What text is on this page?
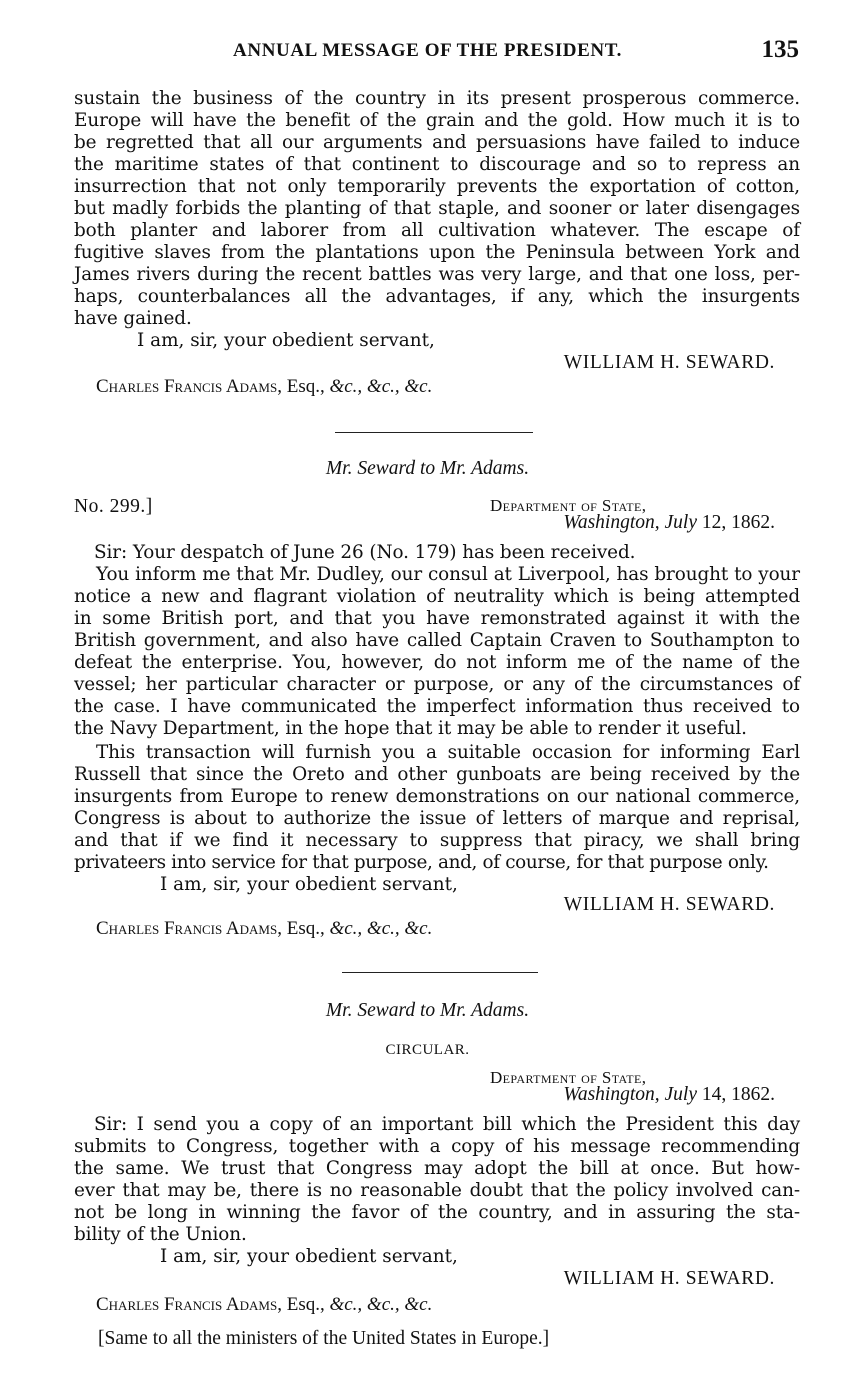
ANNUAL MESSAGE OF THE PRESIDENT.	135
sustain the business of the country in its present prosperous commerce.
Europe will have the benefit of the grain and the gold. How much it is to
be regretted that all our arguments and persuasions have failed to induce
the maritime states of that continent to discourage and so to repress an
insurrection that not only temporarily prevents the exportation of cotton,
but madly forbids the planting of that staple, and sooner or later disengages
both planter and laborer from all cultivation whatever. The escape of
fugitive slaves from the plantations upon the Peninsula between York and
James rivers during the recent battles was very large, and that one loss, per-
haps, counterbalances all the advantages, if any, which the insurgents
have gained.
I am, sir, your obedient servant,
WILLIAM H. SEWARD.
Charles Francis Adams, Esq., &c., &c., &c.
Mr. Seward to Mr. Adams.
No. 299.]	Department of State,
Washington, July 12, 1862.
Sir: Your despatch of June 26 (No. 179) has been received.
You inform me that Mr. Dudley, our consul at Liverpool, has brought to your
notice a new and flagrant violation of neutrality which is being attempted
in some British port, and that you have remonstrated against it with the
British government, and also have called Captain Craven to Southampton to
defeat the enterprise. You, however, do not inform me of the name of the
vessel; her particular character or purpose, or any of the circumstances of
the case. I have communicated the imperfect information thus received to
the Navy Department, in the hope that it may be able to render it useful.
This transaction will furnish you a suitable occasion for informing Earl
Russell that since the Oreto and other gunboats are being received by the
insurgents from Europe to renew demonstrations on our national commerce,
Congress is about to authorize the issue of letters of marque and reprisal,
and that if we find it necessary to suppress that piracy, we shall bring
privateers into service for that purpose, and, of course, for that purpose only.
I am, sir, your obedient servant,
WILLIAM H. SEWARD.
Charles Francis Adams, Esq., &c., &c., &c.
Mr. Seward to Mr. Adams.
CIRCULAR.
Department of State,
Washington, July 14, 1862.
Sir: I send you a copy of an important bill which the President this day
submits to Congress, together with a copy of his message recommending
the same. We trust that Congress may adopt the bill at once. But how-
ever that may be, there is no reasonable doubt that the policy involved can-
not be long in winning the favor of the country, and in assuring the sta-
bility of the Union.
I am, sir, your obedient servant,
WILLIAM H. SEWARD.
Charles Francis Adams, Esq., &c., &c., &c.
[Same to all the ministers of the United States in Europe.]
